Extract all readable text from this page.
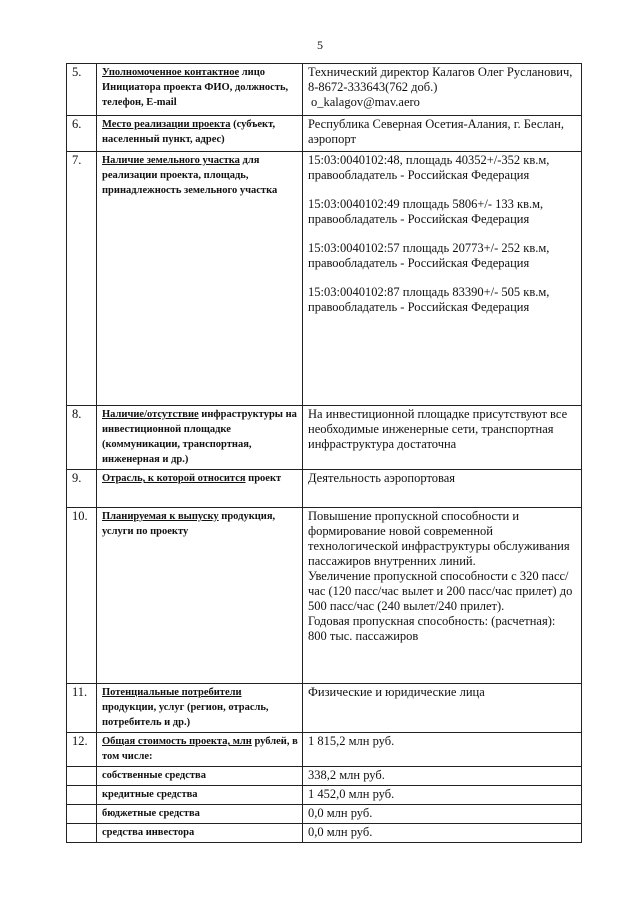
5
5.	Уполномоченное контактное лицо Инициатора проекта ФИО, должность, телефон, E-mail	Технический директор Калагов Олег Русланович, 8-8672-333643(762 доб.)

o_kalagov@mav.aero

6.	Место реализации проекта (субъект, населенный пункт, адрес)	Республика Северная Осетия-Алания, г. Беслан, аэропорт

7.	Наличие земельного участка для реализации проекта, площадь, принадлежность земельного участка	15:03:0040102:48, площадь 40352+/-352 кв.м, правообладатель - Российская Федерация

15:03:0040102:49 площадь 5806+/- 133 кв.м, правообладатель - Российская Федерация

15:03:0040102:57 площадь 20773+/- 252 кв.м, правообладатель - Российская Федерация

15:03:0040102:87 площадь 83390+/- 505 кв.м, правообладатель - Российская Федерация

8.	Наличие/отсутствие инфраструктуры на инвестиционной площадке (коммуникации, транспортная, инженерная и др.)	На инвестиционной площадке присутствуют все необходимые инженерные сети, транспортная инфраструктура достаточна

9.	Отрасль, к которой относится проект	Деятельность аэропортовая

10.	Планируемая к выпуску продукция, услуги по проекту	Повышение пропускной способности и формирование новой современной технологической инфраструктуры обслуживания пассажиров внутренних линий.

Увеличение пропускной способности с 320 пасс/час (120 пасс/час вылет и 200 пасс/час прилет) до 500 пасс/час (240 вылет/240 прилет).

Годовая пропускная способность: (расчетная): 800 тыс. пассажиров

11.	Потенциальные потребители продукции, услуг (регион, отрасль, потребитель и др.)	Физические и юридические лица

12.	Общая стоимость проекта, млн рублей, в том числе:	1 815,2 млн руб.

	собственные средства	338,2 млн руб.
	кредитные средства	1 452,0 млн руб.
	бюджетные средства	0,0 млн руб.
	средства инвестора	0,0 млн руб.
